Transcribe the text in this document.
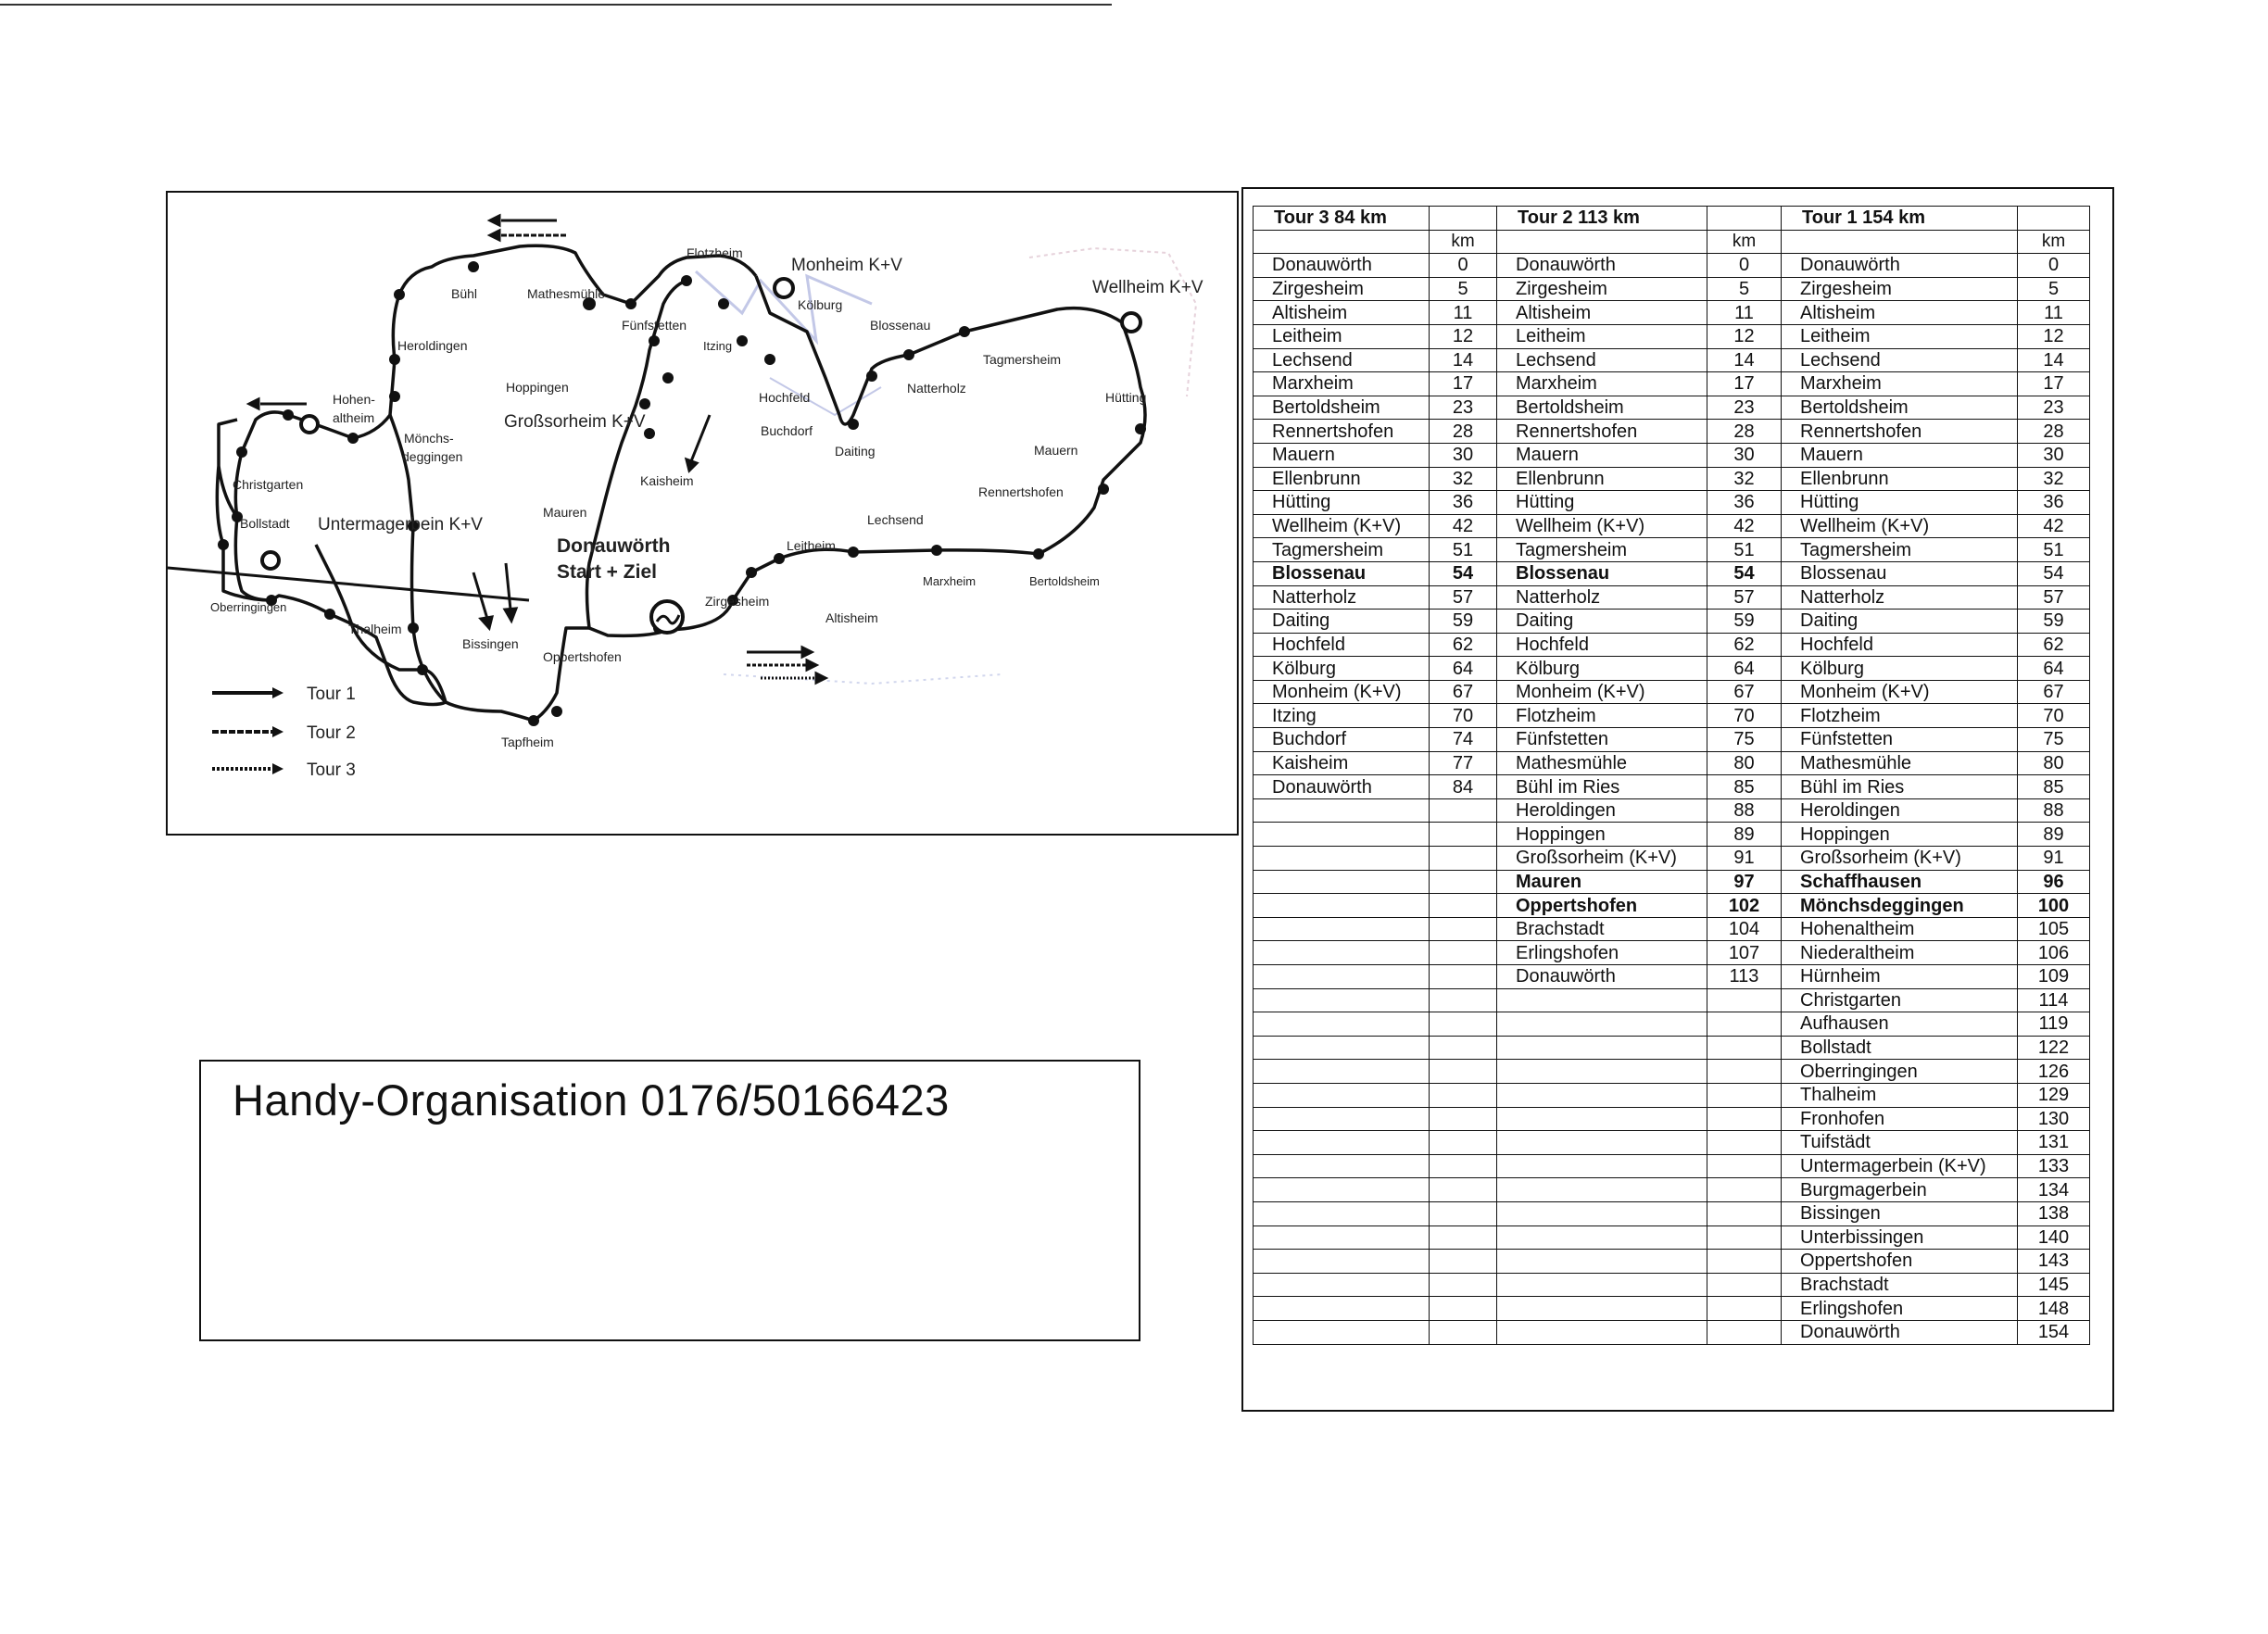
Flotzheim
Monheim K+V
Kölburg
Blossenau
Wellheim K+V
Tagmersheim
Natterholz
Hütting
Bühl	Mathesmühle
Fünfstetten
Itzing
Heroldingen
Hoppingen
Großsorheim K+V
Hohen-
altheim
Mönchs-
deggingen
Christgarten
Hochfeld
Buchdorf
Daiting	Mauern
Rennertshofen
Kaisheim
Bollstadt Untermagerbein K+V
Mauren
Donauwörth
Start + Ziel
Lechsend
Leitheim
Marxheim	Bertoldsheim
Oberringingen
Thalheim
Zirgesheim
Altisheim
Bissingen
Oppertshofen
Tapfheim
Tour 1
Tour 2
Tour 3
Handy-Organisation 0176/50166423
Tour 3 84 km		Tour 2 113 km		Tour 1 154 km	
	km		km		km
Donauwörth	0	Donauwörth	0	Donauwörth	0
Zirgesheim	5	Zirgesheim	5	Zirgesheim	5
Altisheim	11	Altisheim	11	Altisheim	11
Leitheim	12	Leitheim	12	Leitheim	12
Lechsend	14	Lechsend	14	Lechsend	14
Marxheim	17	Marxheim	17	Marxheim	17
Bertoldsheim	23	Bertoldsheim	23	Bertoldsheim	23
Rennertshofen	28	Rennertshofen	28	Rennertshofen	28
Mauern	30	Mauern	30	Mauern	30
Ellenbrunn	32	Ellenbrunn	32	Ellenbrunn	32
Hütting	36	Hütting	36	Hütting	36
Wellheim (K+V)	42	Wellheim (K+V)	42	Wellheim (K+V)	42
Tagmersheim	51	Tagmersheim	51	Tagmersheim	51
Blossenau	54	Blossenau	54	Blossenau	54
Natterholz	57	Natterholz	57	Natterholz	57
Daiting	59	Daiting	59	Daiting	59
Hochfeld	62	Hochfeld	62	Hochfeld	62
Kölburg	64	Kölburg	64	Kölburg	64
Monheim (K+V)	67	Monheim (K+V)	67	Monheim (K+V)	67
Itzing	70	Flotzheim	70	Flotzheim	70
Buchdorf	74	Fünfstetten	75	Fünfstetten	75
Kaisheim	77	Mathesmühle	80	Mathesmühle	80
Donauwörth	84	Bühl im Ries	85	Bühl im Ries	85
		Heroldingen	88	Heroldingen	88
		Hoppingen	89	Hoppingen	89
		Großsorheim (K+V)	91	Großsorheim (K+V)	91
		Mauren	97	Schaffhausen	96
		Oppertshofen	102	Mönchsdeggingen	100
		Brachstadt	104	Hohenaltheim	105
		Erlingshofen	107	Niederaltheim	106
		Donauwörth	113	Hürnheim	109
				Christgarten	114
				Aufhausen	119
				Bollstadt	122
				Oberringingen	126
				Thalheim	129
				Fronhofen	130
				Tuifstädt	131
				Untermagerbein (K+V)	133
				Burgmagerbein	134
				Bissingen	138
				Unterbissingen	140
				Oppertshofen	143
				Brachstadt	145
				Erlingshofen	148
				Donauwörth	154
